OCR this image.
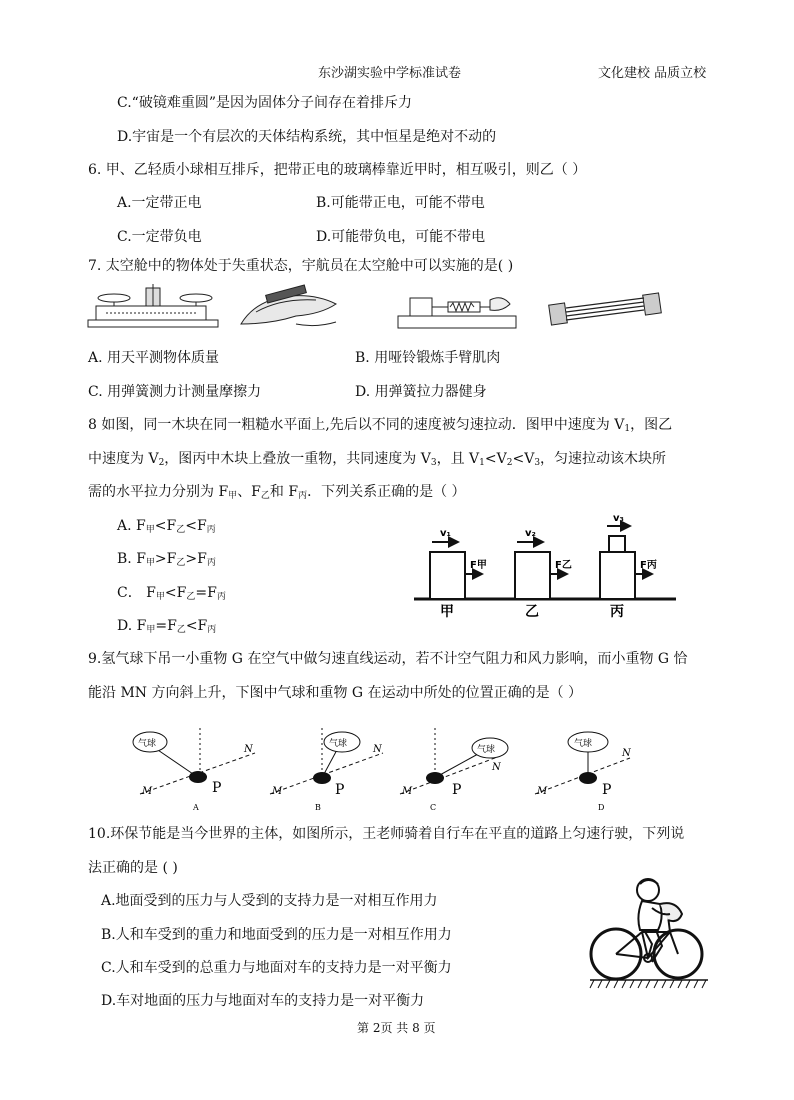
东沙湖实验中学标准试卷	文化建校 品质立校
C.“破镜难重圆”是因为固体分子间存在着排斥力
D.宇宙是一个有层次的天体结构系统，其中恒星是绝对不动的
6. 甲、乙轻质小球相互排斥，把带正电的玻璃棒靠近甲时，相互吸引，则乙（ ）
A.一定带正电	B.可能带正电，可能不带电
C.一定带负电	D.可能带负电，可能不带电
7. 太空舱中的物体处于失重状态，宇航员在太空舱中可以实施的是( )
A. 用天平测物体质量	B. 用哑铃锻炼手臂肌肉
C. 用弹簧测力计测量摩擦力	D. 用弹簧拉力器健身
8 如图，同一木块在同一粗糙水平面上,先后以不同的速度被匀速拉动．图甲中速度为 $V_1$，图乙
中速度为 $V_2$，图丙中木块上叠放一重物，共同速度为 $V_3$，且 $V_1<V_2<V_3$，匀速拉动该木块所
需的水平拉力分别为 $F_甲$、$F_乙$和 $F_丙$．下列关系正确的是（ ）
A. $F_甲<F_乙<F_丙$
B. $F_甲>F_乙>F_丙$
C． $F_甲<F_乙=F_丙$
D. $F_甲=F_乙<F_丙$
v₁
F甲
甲
v₂
F乙
乙
v₃
F丙
丙
9.氢气球下吊一小重物 G 在空气中做匀速直线运动，若不计空气阻力和风力影响，而小重物 G 恰
能沿 MN 方向斜上升，下图中气球和重物 G 在运动中所处的位置正确的是（ ）
气球
P
M
N
A
气球
P
M
N
B
气球
P
M
N
C
气球
P
M
N
D
10.环保节能是当今世界的主体，如图所示，王老师骑着自行车在平直的道路上匀速行驶，下列说
法正确的是 ( )
A.地面受到的压力与人受到的支持力是一对相互作用力
B.人和车受到的重力和地面受到的压力是一对相互作用力
C.人和车受到的总重力与地面对车的支持力是一对平衡力
D.车对地面的压力与地面对车的支持力是一对平衡力
第 2页 共 8 页
